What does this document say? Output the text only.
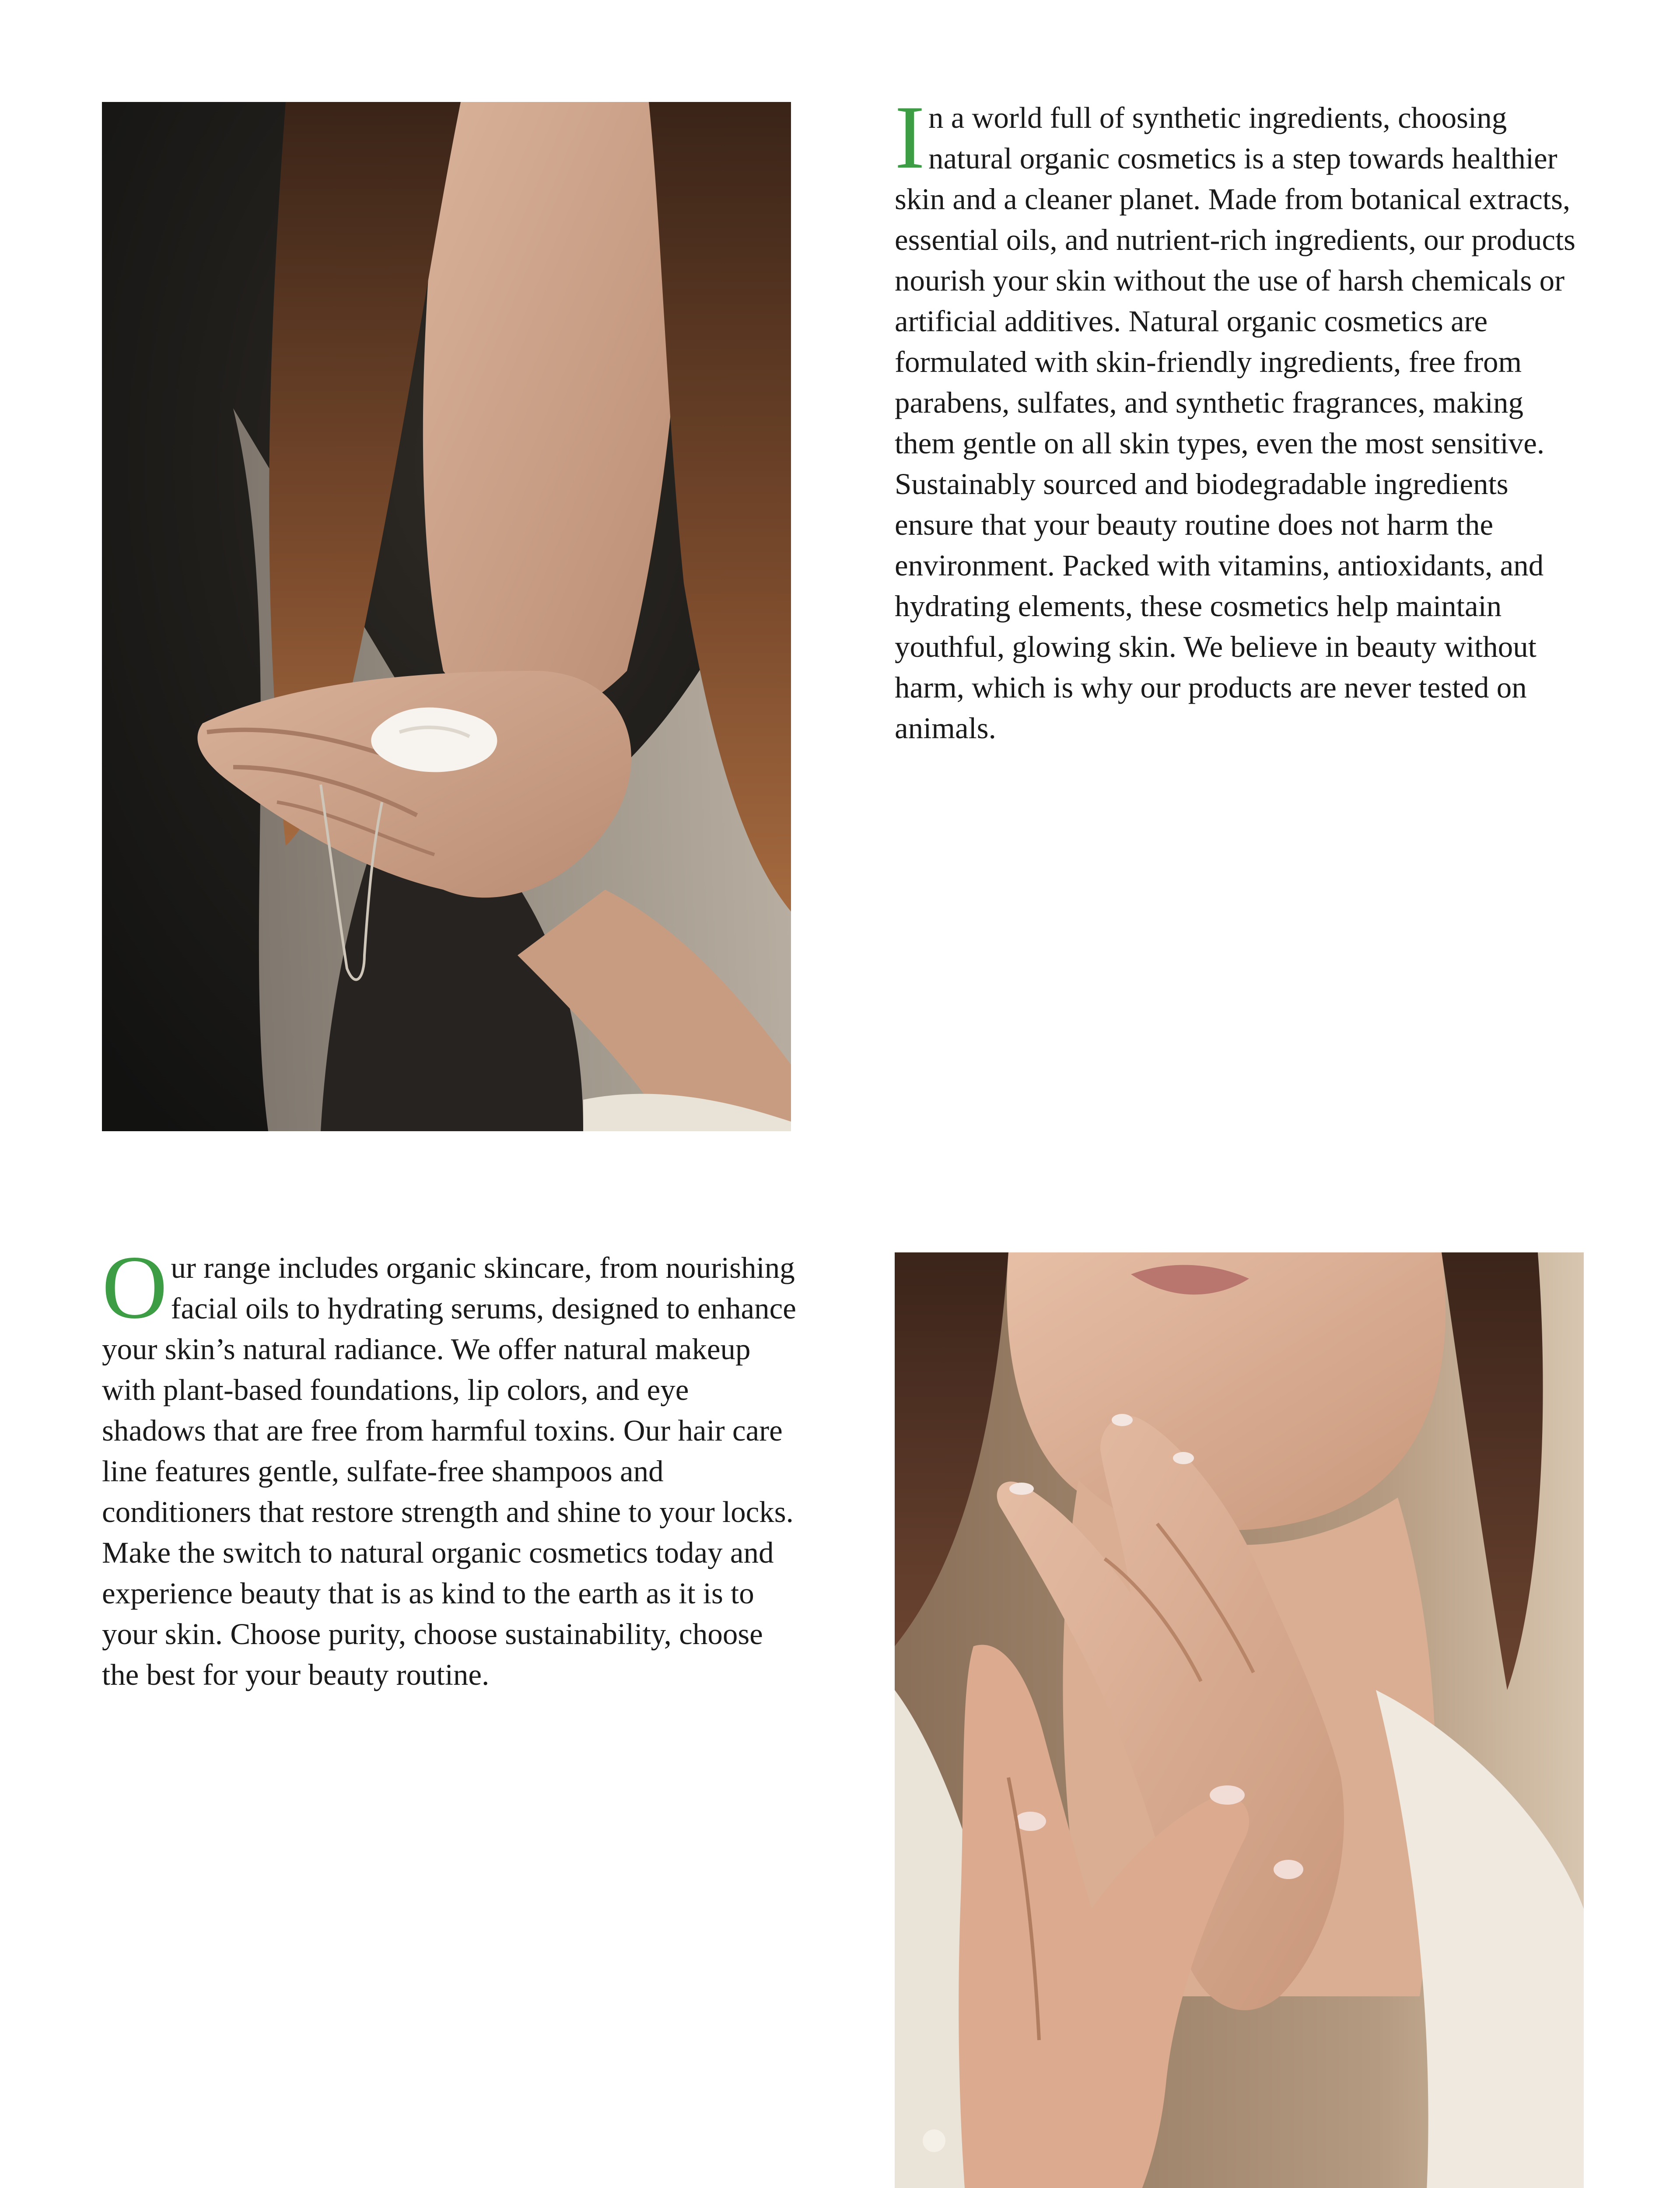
In a world full of synthetic ingredients, choosing natural organic cosmetics is a step towards healthier skin and a cleaner planet. Made from botanical extracts, essential oils, and nutrient-rich ingredients, our products nourish your skin without the use of harsh chemicals or artificial additives. Natural organic cosmetics are formulated with skin-friendly ingredients, free from parabens, sulfates, and synthetic fragrances, making them gentle on all skin types, even the most sensitive. Sustainably sourced and biodegradable ingredients ensure that your beauty routine does not harm the environment. Packed with vitamins, antioxidants, and hydrating elements, these cosmetics help maintain youthful, glowing skin. We believe in beauty without harm, which is why our products are never tested on animals.
Our range includes organic skincare, from nourishing facial oils to hydrating serums, designed to enhance your skin’s natural radiance. We offer natural makeup with plant-based foundations, lip colors, and eye shadows that are free from harmful toxins. Our hair care line features gentle, sulfate-free shampoos and conditioners that restore strength and shine to your locks. Make the switch to natural organic cosmetics today and experience beauty that is as kind to the earth as it is to your skin. Choose purity, choose sustainability, choose the best for your beauty routine.
